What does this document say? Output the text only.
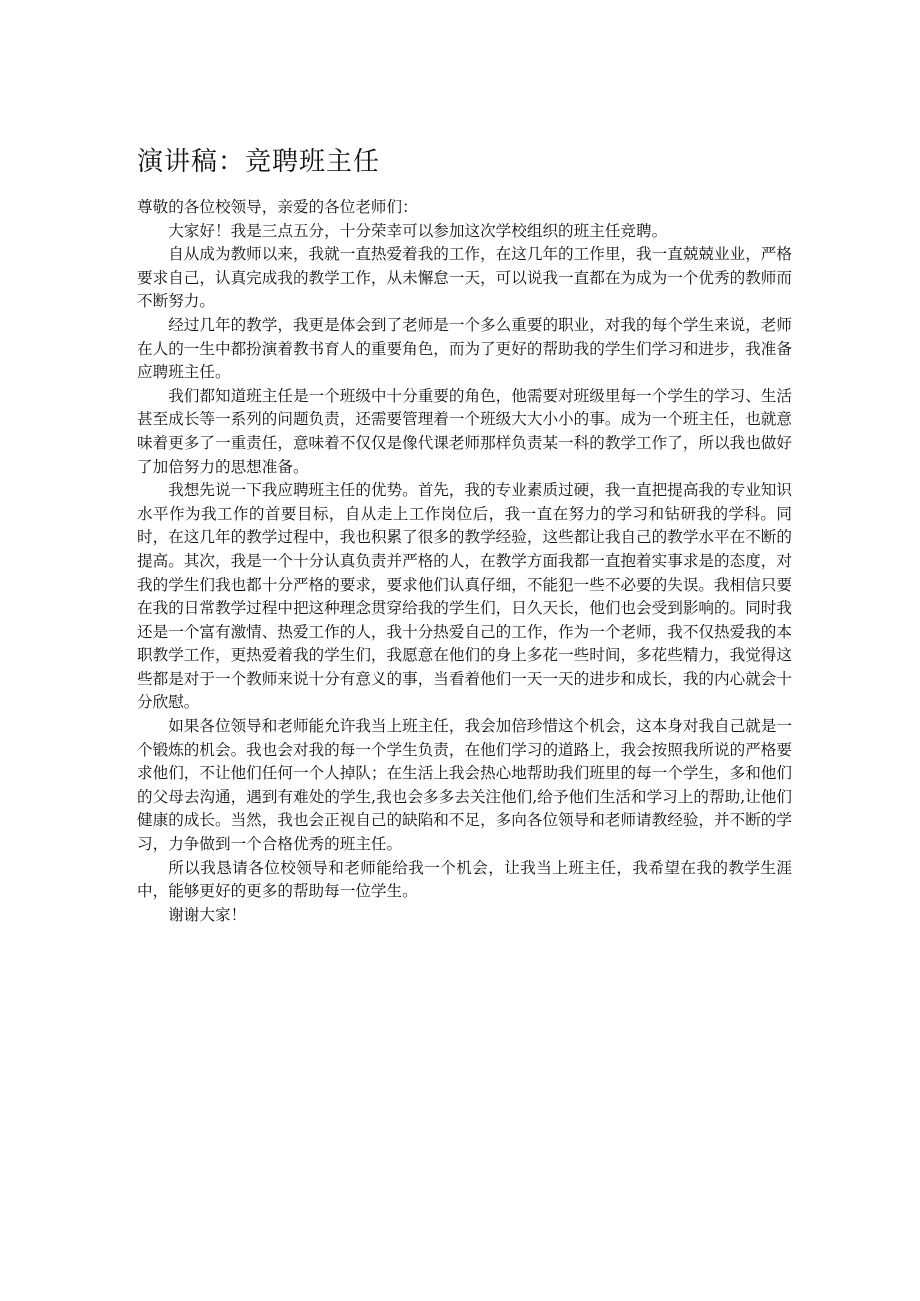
演讲稿：竞聘班主任

尊敬的各位校领导，亲爱的各位老师们：

大家好！我是三点五分，十分荣幸可以参加这次学校组织的班主任竞聘。

自从成为教师以来，我就一直热爱着我的工作，在这几年的工作里，我一直兢兢业业，严格要求自己，认真完成我的教学工作，从未懈怠一天，可以说我一直都在为成为一个优秀的教师而不断努力。

经过几年的教学，我更是体会到了老师是一个多么重要的职业，对我的每个学生来说，老师在人的一生中都扮演着教书育人的重要角色，而为了更好的帮助我的学生们学习和进步，我准备应聘班主任。

我们都知道班主任是一个班级中十分重要的角色，他需要对班级里每一个学生的学习、生活甚至成长等一系列的问题负责，还需要管理着一个班级大大小小的事。成为一个班主任，也就意味着更多了一重责任，意味着不仅仅是像代课老师那样负责某一科的教学工作了，所以我也做好了加倍努力的思想准备。

我想先说一下我应聘班主任的优势。首先，我的专业素质过硬，我一直把提高我的专业知识水平作为我工作的首要目标，自从走上工作岗位后，我一直在努力的学习和钻研我的学科。同时，在这几年的教学过程中，我也积累了很多的教学经验，这些都让我自己的教学水平在不断的提高。其次，我是一个十分认真负责并严格的人，在教学方面我都一直抱着实事求是的态度，对我的学生们我也都十分严格的要求，要求他们认真仔细，不能犯一些不必要的失误。我相信只要在我的日常教学过程中把这种理念贯穿给我的学生们，日久天长，他们也会受到影响的。同时我还是一个富有激情、热爱工作的人，我十分热爱自己的工作，作为一个老师，我不仅热爱我的本职教学工作，更热爱着我的学生们，我愿意在他们的身上多花一些时间，多花些精力，我觉得这些都是对于一个教师来说十分有意义的事，当看着他们一天一天的进步和成长，我的内心就会十分欣慰。

如果各位领导和老师能允许我当上班主任，我会加倍珍惜这个机会，这本身对我自己就是一个锻炼的机会。我也会对我的每一个学生负责，在他们学习的道路上，我会按照我所说的严格要求他们，不让他们任何一个人掉队；在生活上我会热心地帮助我们班里的每一个学生，多和他们的父母去沟通，遇到有难处的学生,我也会多多去关注他们,给予他们生活和学习上的帮助,让他们健康的成长。当然，我也会正视自己的缺陷和不足，多向各位领导和老师请教经验，并不断的学习，力争做到一个合格优秀的班主任。

所以我恳请各位校领导和老师能给我一个机会，让我当上班主任，我希望在我的教学生涯中，能够更好的更多的帮助每一位学生。

谢谢大家！
